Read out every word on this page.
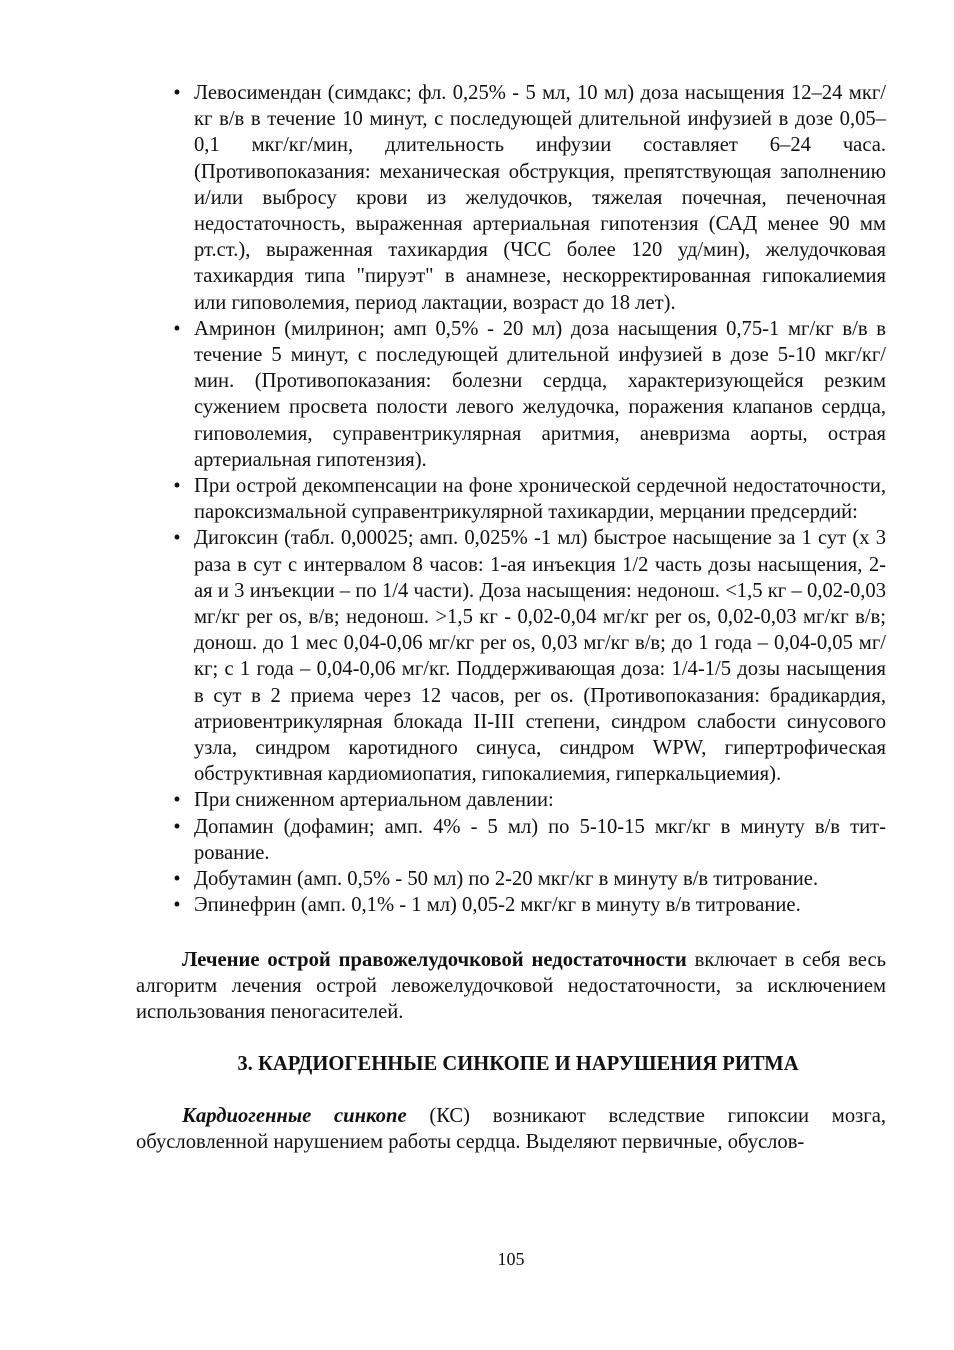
• Левосимендан (симдакс; фл. 0,25% - 5 мл, 10 мл) доза насыщения 12–24 мкг/кг в/в в течение 10 минут, с последующей длительной инфузией в дозе 0,05–0,1 мкг/кг/мин, длительность инфузии составляет 6–24 часа. (Противопоказания: механическая обструкция, препятствующая заполнению и/или выбросу крови из желудочков, тяжелая почечная, печеночная недостаточность, выраженная артериальная гипотензия (САД менее 90 мм рт.ст.), выраженная тахикардия (ЧСС более 120 уд/мин), желудочковая тахикардия типа "пируэт" в анамнезе, нескорректированная гипокалиемия или гиповолемия, период лактации, возраст до 18 лет).
• Амринон (милринон; амп 0,5% - 20 мл) доза насыщения 0,75-1 мг/кг в/в в течение 5 минут, с последующей длительной инфузией в дозе 5-10 мкг/кг/мин. (Противопоказания: болезни сердца, характеризующейся резким сужением просвета полости левого желудочка, поражения клапанов сердца, гиповолемия, суправентрикулярная аритмия, аневризма аорты, острая артериальная гипотензия).
• При острой декомпенсации на фоне хронической сердечной недостаточности, пароксизмальной суправентрикулярной тахикардии, мерцании предсердий:
• Дигоксин (табл. 0,00025; амп. 0,025% -1 мл) быстрое насыщение за 1 сут (х 3 раза в сут с интервалом 8 часов: 1-ая инъекция 1/2 часть дозы насыщения, 2-ая и 3 инъекции – по 1/4 части). Доза насыщения: недонош. <1,5 кг – 0,02-0,03 мг/кг per os, в/в; недонош. >1,5 кг - 0,02-0,04 мг/кг per os, 0,02-0,03 мг/кг в/в; донош. до 1 мес 0,04-0,06 мг/кг per os, 0,03 мг/кг в/в; до 1 года – 0,04-0,05 мг/кг; с 1 года – 0,04-0,06 мг/кг. Поддерживающая доза: 1/4-1/5 дозы насыщения в сут в 2 приема через 12 часов, per os. (Противопоказания: брадикардия, атриовентрикулярная блокада II-III степени, синдром слабости синусового узла, синдром каротидного синуса, синдром WPW, гипертрофическая обструктивная кардиомиопатия, гипокалиемия, гиперкальциемия).
• При сниженном артериальном давлении:
• Допамин (дофамин; амп. 4% - 5 мл) по 5-10-15 мкг/кг в минуту в/в титрование.
• Добутамин (амп. 0,5% - 50 мл) по 2-20 мкг/кг в минуту в/в титрование.
• Эпинефрин (амп. 0,1% - 1 мл) 0,05-2 мкг/кг в минуту в/в титрование.

Лечение острой правожелудочковой недостаточности включает в себя весь алгоритм лечения острой левожелудочковой недостаточности, за исключением использования пеногасителей.

3. КАРДИОГЕННЫЕ СИНКОПЕ И НАРУШЕНИЯ РИТМА

Кардиогенные синкопе (КС) возникают вследствие гипоксии мозга, обусловленной нарушением работы сердца. Выделяют первичные, обуслов-

105
